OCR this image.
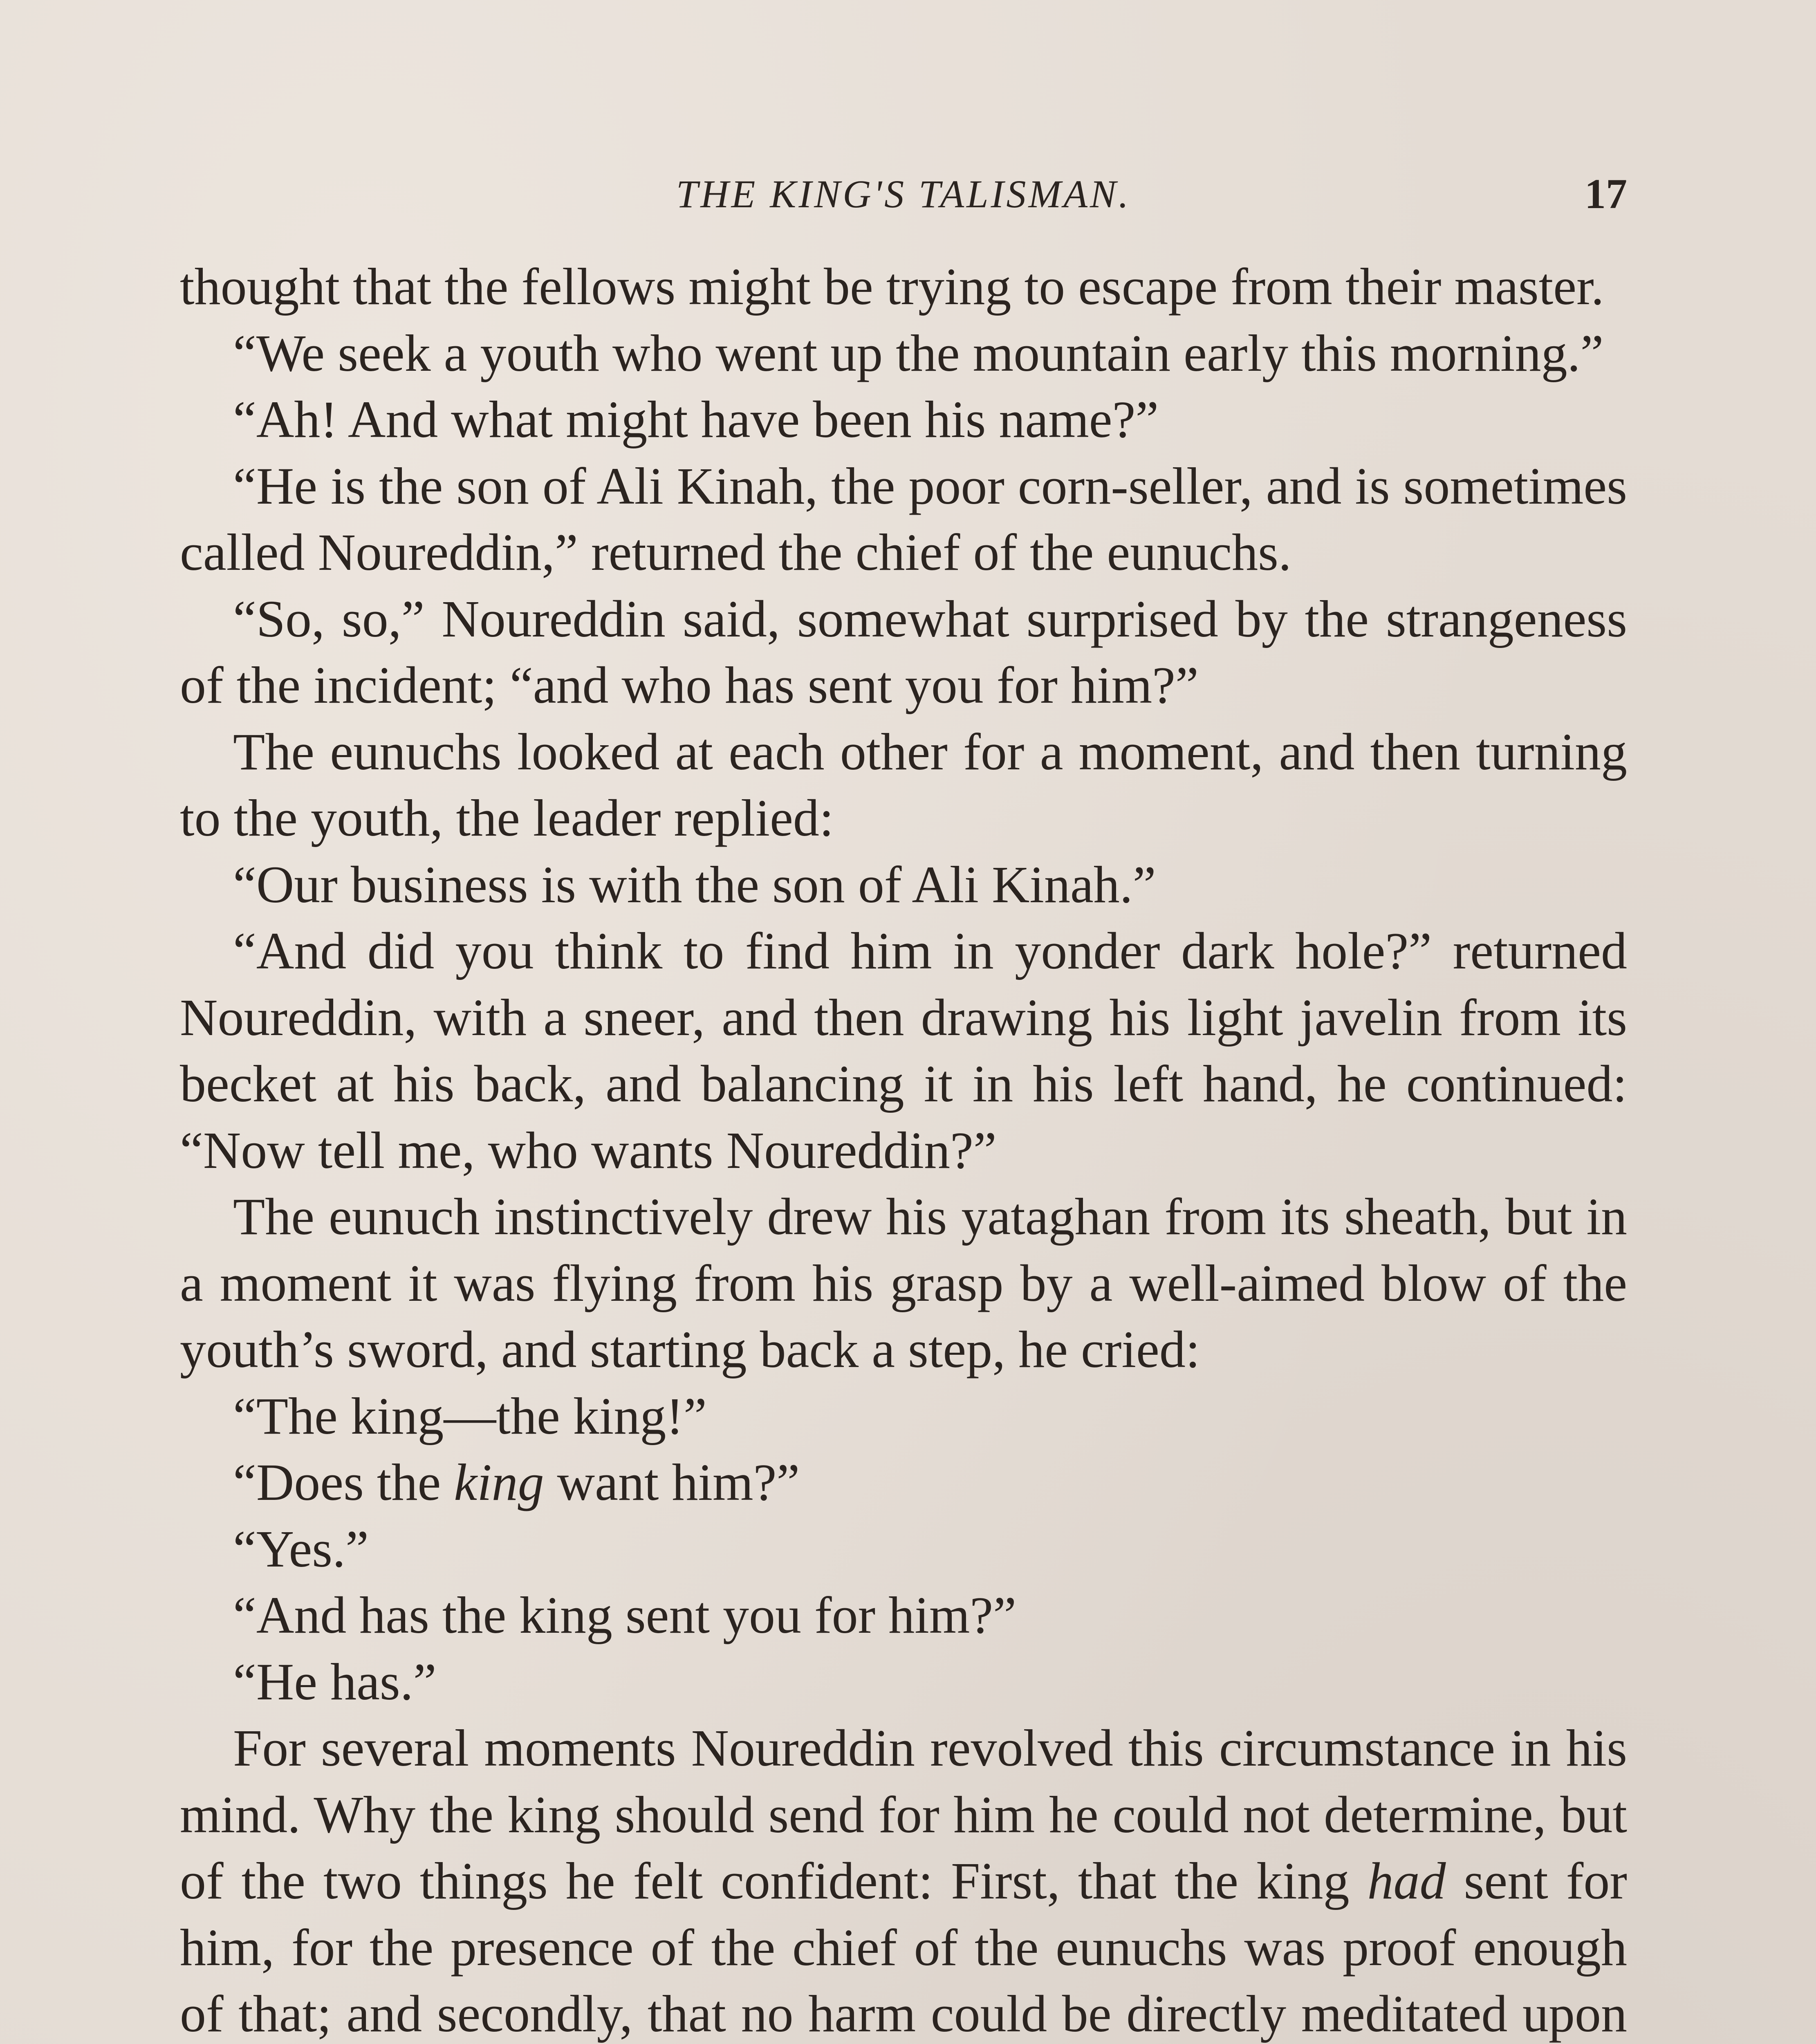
THE KING'S TALISMAN.	17

thought that the fellows might be trying to escape from their master.

“We seek a youth who went up the mountain early this morning.”

“Ah! And what might have been his name?”

“He is the son of Ali Kinah, the poor corn-seller, and is sometimes called Noureddin,” returned the chief of the eunuchs.

“So, so,” Noureddin said, somewhat surprised by the strangeness of the incident; “and who has sent you for him?”

The eunuchs looked at each other for a moment, and then turning to the youth, the leader replied:

“Our business is with the son of Ali Kinah.”

“And did you think to find him in yonder dark hole?” returned Noureddin, with a sneer, and then drawing his light javelin from its becket at his back, and balancing it in his left hand, he continued: “Now tell me, who wants Noureddin?”

The eunuch instinctively drew his yataghan from its sheath, but in a moment it was flying from his grasp by a well-aimed blow of the youth’s sword, and starting back a step, he cried:

“The king—the king!”

“Does the king want him?”

“Yes.”

“And has the king sent you for him?”

“He has.”

For several moments Noureddin revolved this circumstance in his mind. Why the king should send for him he could not determine, but of the two things he felt confident: First, that the king had sent for him, for the presence of the chief of the eunuchs was proof enough of that; and secondly, that no harm could be directly meditated upon
